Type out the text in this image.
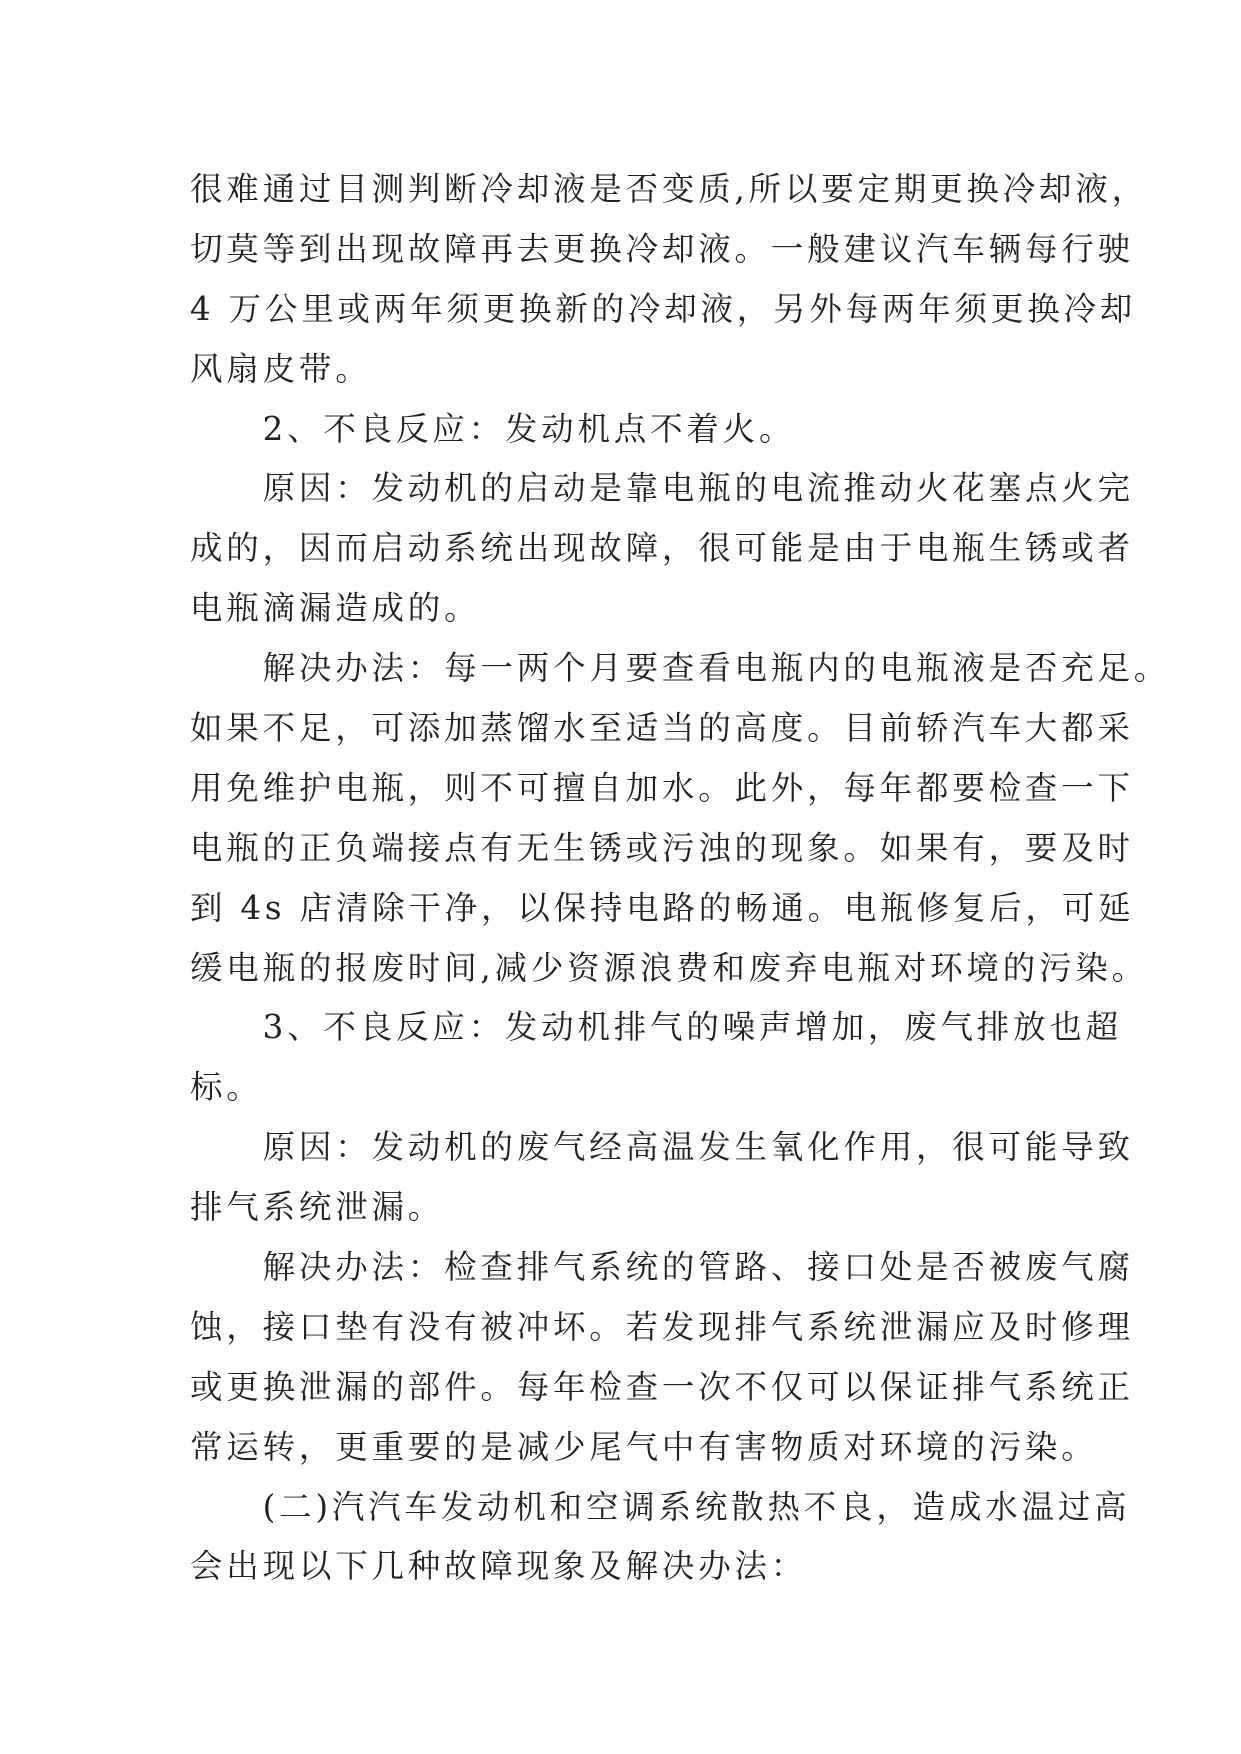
很难通过目测判断冷却液是否变质,所以要定期更换冷却液，
切莫等到出现故障再去更换冷却液。一般建议汽车辆每行驶
4 万公里或两年须更换新的冷却液，另外每两年须更换冷却
风扇皮带。
　　2、不良反应：发动机点不着火。
　　原因：发动机的启动是靠电瓶的电流推动火花塞点火完
成的，因而启动系统出现故障，很可能是由于电瓶生锈或者
电瓶滴漏造成的。
　　解决办法：每一两个月要查看电瓶内的电瓶液是否充足。
如果不足，可添加蒸馏水至适当的高度。目前轿汽车大都采
用免维护电瓶，则不可擅自加水。此外，每年都要检查一下
电瓶的正负端接点有无生锈或污浊的现象。如果有，要及时
到 4s 店清除干净，以保持电路的畅通。电瓶修复后，可延
缓电瓶的报废时间,减少资源浪费和废弃电瓶对环境的污染。
　　3、不良反应：发动机排气的噪声增加，废气排放也超
标。
　　原因：发动机的废气经高温发生氧化作用，很可能导致
排气系统泄漏。
　　解决办法：检查排气系统的管路、接口处是否被废气腐
蚀，接口垫有没有被冲坏。若发现排气系统泄漏应及时修理
或更换泄漏的部件。每年检查一次不仅可以保证排气系统正
常运转，更重要的是减少尾气中有害物质对环境的污染。
　　(二)汽汽车发动机和空调系统散热不良，造成水温过高
会出现以下几种故障现象及解决办法：
